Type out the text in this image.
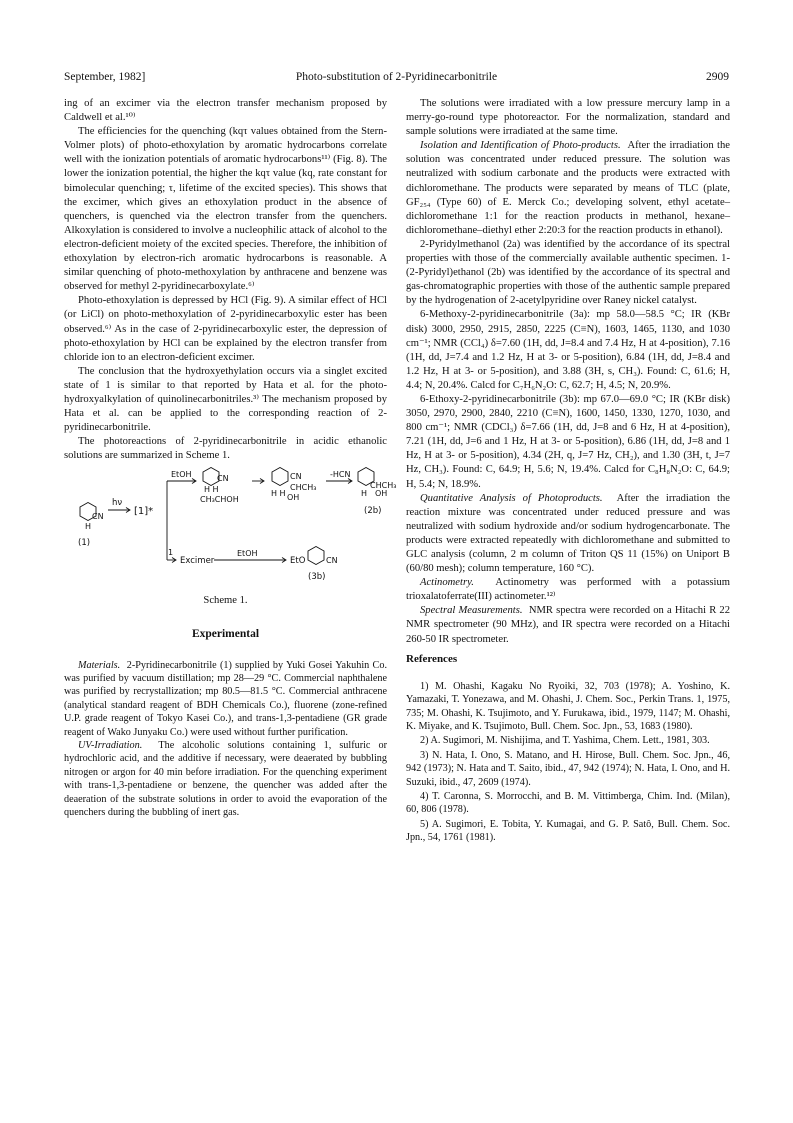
September, 1982]	Photo-substitution of 2-Pyridinecarbonitrile	2909

ing of an excimer via the electron transfer mechanism proposed by Caldwell et al.¹⁰⁾

The efficiencies for the quenching (kqτ values obtained from the Stern-Volmer plots) of photo-ethoxylation by aromatic hydrocarbons correlate well with the ionization potentials of aromatic hydrocarbons¹¹⁾ (Fig. 8). The lower the ionization potential, the higher the kqτ value (kq, rate constant for bimolecular quenching; τ, lifetime of the excited species). This shows that the excimer, which gives an ethoxylation product in the absence of quenchers, is quenched via the electron transfer from the quenchers. Alkoxylation is considered to involve a nucleophilic attack of alcohol to the electron-deficient moiety of the excited species. Therefore, the inhibition of ethoxylation by electron-rich aromatic hydrocarbons is reasonable. A similar quenching of photo-methoxylation by anthracene and benzene was observed for methyl 2-pyridinecarboxylate.⁶⁾

Photo-ethoxylation is depressed by HCl (Fig. 9). A similar effect of HCl (or LiCl) on photo-methoxylation of 2-pyridinecarboxylic ester has been observed.⁶⁾ As in the case of 2-pyridinecarboxylic ester, the depression of photo-ethoxylation by HCl can be explained by the electron transfer from chloride ion to an electron-deficient excimer.

The conclusion that the hydroxyethylation occurs via a singlet excited state of 1 is similar to that reported by Hata et al. for the photo-hydroxyalkylation of quinolinecarbonitriles.³⁾ The mechanism proposed by Hata et al. can be applied to the corresponding reaction of 2-pyridinecarbonitrile.

The photoreactions of 2-pyridinecarbonitrile in acidic ethanolic solutions are summarized in Scheme 1.

[1]*
hν
CN
H
(1)
EtOH	CN
H H
CH₃CHOH
CN
CHCH₃
H H OH
-HCN
CHCH₃
H OH
(2b)
1
Excimer
EtOH
EtO	CN
(3b)
Scheme 1.
Experimental

Materials. 2-Pyridinecarbonitrile (1) supplied by Yuki Gosei Yakuhin Co. was purified by vacuum distillation; mp 28—29 °C. Commercial naphthalene was purified by recrystallization; mp 80.5—81.5 °C. Commercial anthracene (analytical standard reagent of BDH Chemicals Co.), fluorene (zone-refined U.P. grade reagent of Tokyo Kasei Co.), and trans-1,3-pentadiene (GR grade reagent of Wako Junyaku Co.) were used without further purification.

UV-Irradiation. The alcoholic solutions containing 1, sulfuric or hydrochloric acid, and the additive if necessary, were deaerated by bubbling nitrogen or argon for 40 min before irradiation. For the quenching experiment with trans-1,3-pentadiene or benzene, the quencher was added after the deaeration of the substrate solutions in order to avoid the evaporation of the quenchers during the bubbling of inert gas.

The solutions were irradiated with a low pressure mercury lamp in a merry-go-round type photoreactor. For the normalization, standard and sample solutions were irradiated at the same time.

Isolation and Identification of Photo-products. After the irradiation the solution was concentrated under reduced pressure. The solution was neutralized with sodium carbonate and the products were extracted with dichloromethane. The products were separated by means of TLC (plate, GF₂₅₄ (Type 60) of E. Merck Co.; developing solvent, ethyl acetate–dichloromethane 1:1 for the reaction products in methanol, hexane–dichloromethane–diethyl ether 2:20:3 for the reaction products in ethanol).

2-Pyridylmethanol (2a) was identified by the accordance of its spectral properties with those of the commercially available authentic specimen. 1-(2-Pyridyl)ethanol (2b) was identified by the accordance of its spectral and gas-chromatographic properties with those of the authentic sample prepared by the hydrogenation of 2-acetylpyridine over Raney nickel catalyst.

6-Methoxy-2-pyridinecarbonitrile (3a): mp 58.0—58.5 °C; IR (KBr disk) 3000, 2950, 2915, 2850, 2225 (C≡N), 1603, 1465, 1130, and 1030 cm⁻¹; NMR (CCl₄) δ=7.60 (1H, dd, J=8.4 and 7.4 Hz, H at 4-position), 7.16 (1H, dd, J=7.4 and 1.2 Hz, H at 3- or 5-position), 6.84 (1H, dd, J=8.4 and 1.2 Hz, H at 3- or 5-position), and 3.88 (3H, s, CH₃). Found: C, 61.6; H, 4.4; N, 20.4%. Calcd for C₇H₆N₂O: C, 62.7; H, 4.5; N, 20.9%.

6-Ethoxy-2-pyridinecarbonitrile (3b): mp 67.0—69.0 °C; IR (KBr disk) 3050, 2970, 2900, 2840, 2210 (C≡N), 1600, 1450, 1330, 1270, 1030, and 800 cm⁻¹; NMR (CDCl₃) δ=7.66 (1H, dd, J=8 and 6 Hz, H at 4-position), 7.21 (1H, dd, J=6 and 1 Hz, H at 3- or 5-position), 6.86 (1H, dd, J=8 and 1 Hz, H at 3- or 5-position), 4.34 (2H, q, J=7 Hz, CH₂), and 1.30 (3H, t, J=7 Hz, CH₃). Found: C, 64.9; H, 5.6; N, 19.4%. Calcd for C₈H₈N₂O: C, 64.9; H, 5.4; N, 18.9%.

Quantitative Analysis of Photoproducts. After the irradiation the reaction mixture was concentrated under reduced pressure and was neutralized with sodium hydroxide and/or sodium hydrogencarbonate. The products were extracted repeatedly with dichloromethane and submitted to GLC analysis (column, 2 m column of Triton QS 11 (15%) on Uniport B (60/80 mesh); column temperature, 160 °C).

Actinometry. Actinometry was performed with a potassium trioxalatoferrate(III) actinometer.¹²⁾

Spectral Measurements. NMR spectra were recorded on a Hitachi R 22 NMR spectrometer (90 MHz), and IR spectra were recorded on a Hitachi 260-50 IR spectrometer.

References

1) M. Ohashi, Kagaku No Ryoiki, 32, 703 (1978); A. Yoshino, K. Yamazaki, T. Yonezawa, and M. Ohashi, J. Chem. Soc., Perkin Trans. 1, 1975, 735; M. Ohashi, K. Tsujimoto, and Y. Furukawa, ibid., 1979, 1147; M. Ohashi, K. Miyake, and K. Tsujimoto, Bull. Chem. Soc. Jpn., 53, 1683 (1980).

2) A. Sugimori, M. Nishijima, and T. Yashima, Chem. Lett., 1981, 303.

3) N. Hata, I. Ono, S. Matano, and H. Hirose, Bull. Chem. Soc. Jpn., 46, 942 (1973); N. Hata and T. Saito, ibid., 47, 942 (1974); N. Hata, I. Ono, and H. Suzuki, ibid., 47, 2609 (1974).

4) T. Caronna, S. Morrocchi, and B. M. Vittimberga, Chim. Ind. (Milan), 60, 806 (1978).

5) A. Sugimori, E. Tobita, Y. Kumagai, and G. P. Satô, Bull. Chem. Soc. Jpn., 54, 1761 (1981).
